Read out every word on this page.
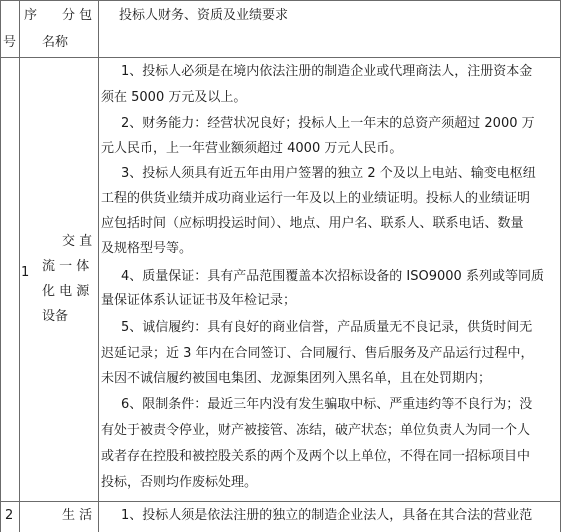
序
号
分 包
名称
投标人财务、资质及业绩要求
1
交 直
流 一 体
化 电 源
设备
1、投标人必须是在境内依法注册的制造企业或代理商法人，注册资本金
须在 5000 万元及以上。
2、财务能力：经营状况良好；投标人上一年末的总资产须超过 2000 万
元人民币，上一年营业额须超过 4000 万元人民币。
3、投标人须具有近五年由用户签署的独立 2 个及以上电站、输变电枢纽
工程的供货业绩并成功商业运行一年及以上的业绩证明。投标人的业绩证明
应包括时间（应标明投运时间）、地点、用户名、联系人、联系电话、数量
及规格型号等。
4、质量保证：具有产品范围覆盖本次招标设备的 ISO9000 系列或等同质
量保证体系认证证书及年检记录；
5、诚信履约：具有良好的商业信誉，产品质量无不良记录，供货时间无
迟延记录；近 3 年内在合同签订、合同履行、售后服务及产品运行过程中，
未因不诚信履约被国电集团、龙源集团列入黑名单，且在处罚期内；
6、限制条件：最近三年内没有发生骗取中标、严重违约等不良行为；没
有处于被责令停业，财产被接管、冻结，破产状态；单位负责人为同一个人
或者存在控股和被控股关系的两个及两个以上单位，不得在同一招标项目中
投标，否则均作废标处理。
2	生 活 1、投标人须是依法注册的独立的制造企业法人，具备在其合法的营业范
